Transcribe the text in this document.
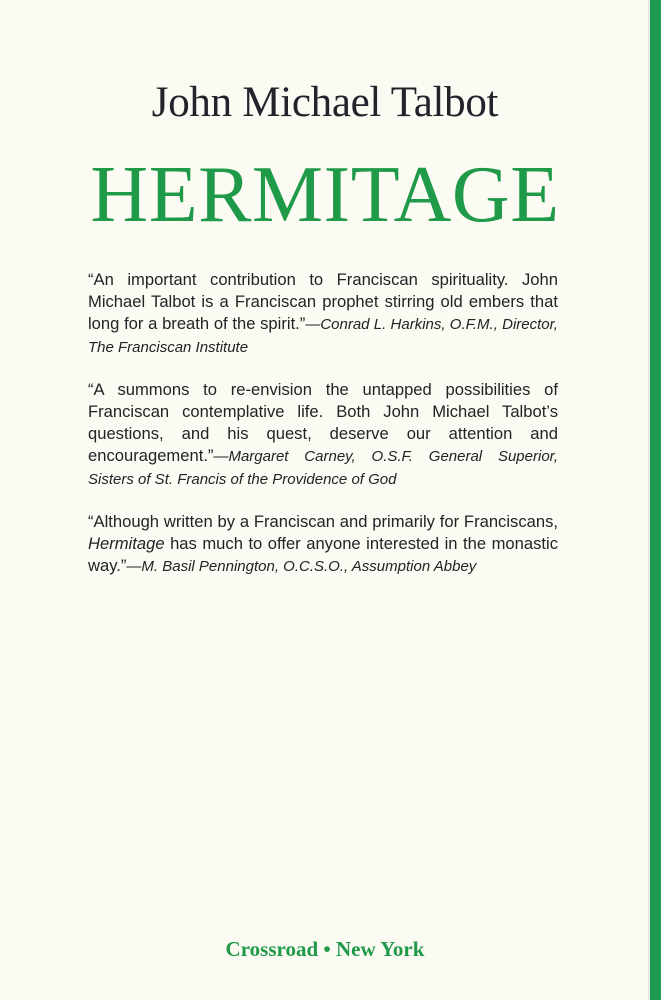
John Michael Talbot
HERMITAGE

“An important contribution to Franciscan spirituality. John Michael Talbot is a Franciscan prophet stirring old embers that long for a breath of the spirit.”—Conrad L. Harkins, O.F.M., Director, The Franciscan Institute

“A summons to re-envision the untapped possibilities of Franciscan contemplative life. Both John Michael Talbot’s questions, and his quest, deserve our attention and encouragement.”—Margaret Carney, O.S.F. General Superior, Sisters of St. Francis of the Providence of God

“Although written by a Franciscan and primarily for Franciscans, Hermitage has much to offer anyone interested in the monastic way.”—M. Basil Pennington, O.C.S.O., Assumption Abbey

Crossroad • New York
